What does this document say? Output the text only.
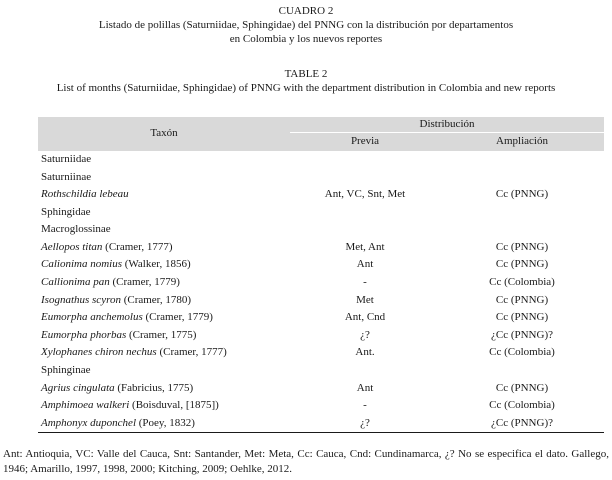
CUADRO 2
Listado de polillas (Saturniidae, Sphingidae) del PNNG con la distribución por departamentos
en Colombia y los nuevos reportes
TABLE 2
List of months (Saturniidae, Sphingidae) of PNNG with the department distribution in Colombia and new reports
Taxón	Distribución	
	Previa	Ampliación
Saturniidae		
Saturniinae		
Rothschildia lebeau	Ant, VC, Snt, Met	Cc (PNNG)
Sphingidae		
Macroglossinae		
Aellopos titan (Cramer, 1777)	Met, Ant	Cc (PNNG)
Calionima nomius (Walker, 1856)	Ant	Cc (PNNG)
Callionima pan (Cramer, 1779)	-	Cc (Colombia)
Isognathus scyron (Cramer, 1780)	Met	Cc (PNNG)
Eumorpha anchemolus (Cramer, 1779)	Ant, Cnd	Cc (PNNG)
Eumorpha phorbas (Cramer, 1775)	¿?	¿Cc (PNNG)?
Xylophanes chiron nechus (Cramer, 1777)	Ant.	Cc (Colombia)
Sphinginae		
Agrius cingulata (Fabricius, 1775)	Ant	Cc (PNNG)
Amphimoea walkeri (Boisduval, [1875])	-	Cc (Colombia)
Amphonyx duponchel (Poey, 1832)	¿?	¿Cc (PNNG)?
Ant: Antioquia, VC: Valle del Cauca, Snt: Santander, Met: Meta, Cc: Cauca, Cnd: Cundinamarca, ¿? No se especifica el dato. Gallego, 1946; Amarillo, 1997, 1998, 2000; Kitching, 2009; Oehlke, 2012.
